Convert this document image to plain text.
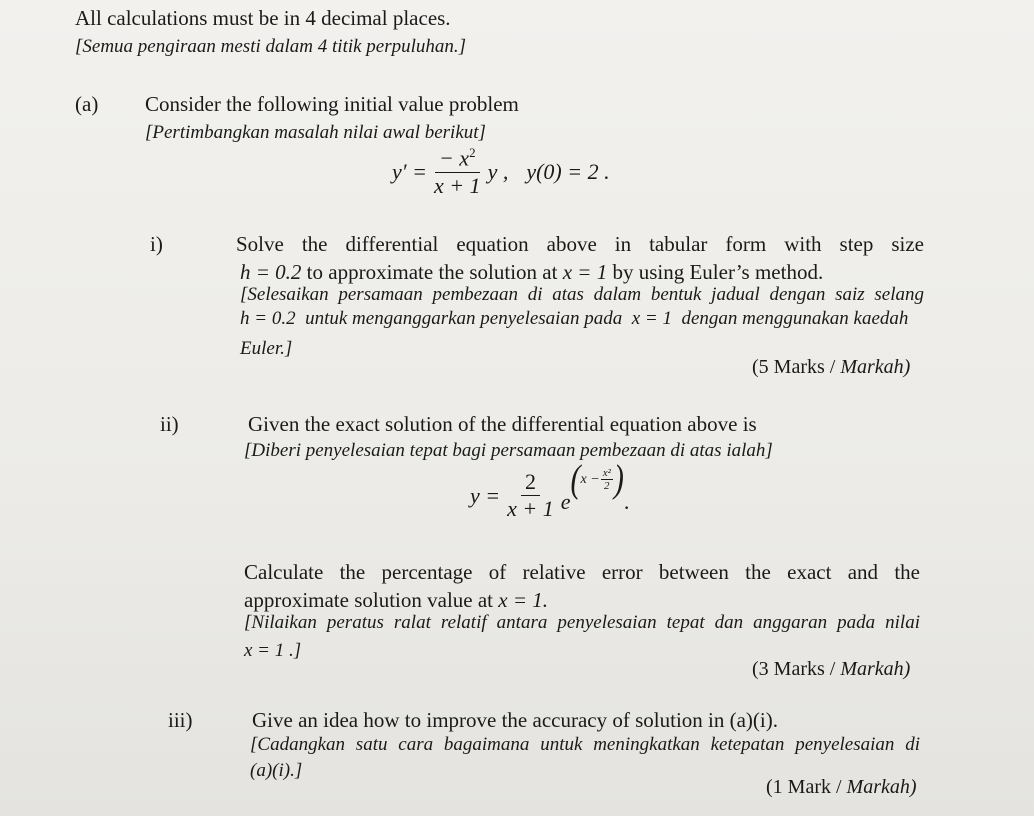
All calculations must be in 4 decimal places.
[Semua pengiraan mesti dalam 4 titik perpuluhan.]
(a) Consider the following initial value problem
[Pertimbangkan masalah nilai awal berikut]
$y' = \frac{- x^2}{x + 1}$ y , y(0) = 2 .
i)	Solve the differential equation above in tabular form with step size
h = 0.2 to approximate the solution at x = 1 by using Euler’s method.
[Selesaikan persamaan pembezaan di atas dalam bentuk jadual dengan saiz selang
h = 0.2 untuk menganggarkan penyelesaian pada x = 1 dengan menggunakan kaedah
Euler.]
(5 Marks / Markah)
ii)	Given the exact solution of the differential equation above is
[Diberi penyelesaian tepat bagi persamaan pembezaan di atas ialah]
$y = \frac{2}{x + 1}$ e
( $x - \frac{\text{x²}}{2}$ )
.
Calculate the percentage of relative error between the exact and the
approximate solution value at x = 1.
[Nilaikan peratus ralat relatif antara penyelesaian tepat dan anggaran pada nilai
x = 1 .]
(3 Marks / Markah)
iii)	Give an idea how to improve the accuracy of solution in (a)(i).
[Cadangkan satu cara bagaimana untuk meningkatkan ketepatan penyelesaian di
(a)(i).]
(1 Mark / Markah)
